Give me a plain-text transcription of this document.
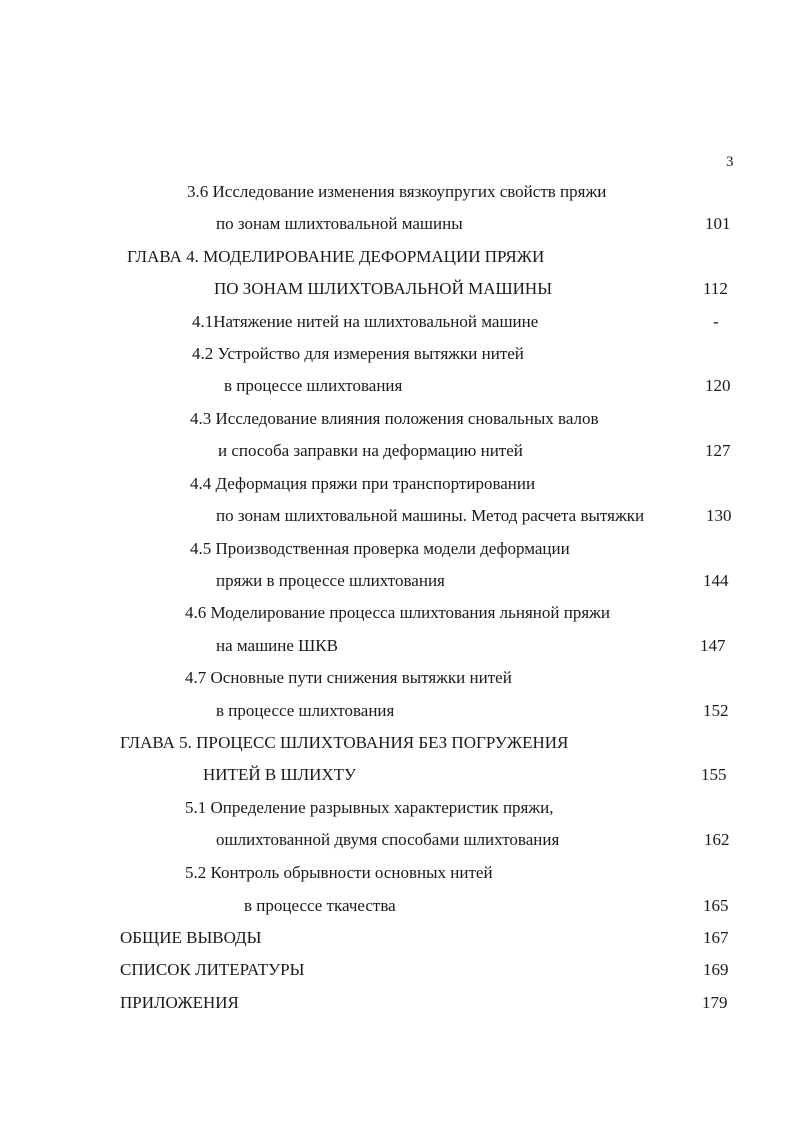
3
3.6 Исследование изменения вязкоупругих свойств пряжи
по зонам шлихтовальной машины	101
ГЛАВА 4. МОДЕЛИРОВАНИЕ ДЕФОРМАЦИИ ПРЯЖИ
ПО ЗОНАМ ШЛИХТОВАЛЬНОЙ МАШИНЫ	112
4.1Натяжение нитей на шлихтовальной машине	-
4.2 Устройство для измерения вытяжки нитей
в процессе шлихтования	120
4.3 Исследование влияния положения сновальных валов
и способа заправки на деформацию нитей	127
4.4 Деформация пряжи при транспортировании
по зонам шлихтовальной машины. Метод расчета вытяжки	130
4.5 Производственная проверка модели деформации
пряжи в процессе шлихтования	144
4.6 Моделирование процесса шлихтования льняной пряжи
на машине ШКВ	147
4.7 Основные пути снижения вытяжки нитей
в процессе шлихтования	152
ГЛАВА 5. ПРОЦЕСС ШЛИХТОВАНИЯ БЕЗ ПОГРУЖЕНИЯ
НИТЕЙ В ШЛИХТУ	155
5.1 Определение разрывных характеристик пряжи,
ошлихтованной двумя способами шлихтования	162
5.2 Контроль обрывности основных нитей
в процессе ткачества	165
ОБЩИЕ ВЫВОДЫ	167
СПИСОК ЛИТЕРАТУРЫ	169
ПРИЛОЖЕНИЯ	179
